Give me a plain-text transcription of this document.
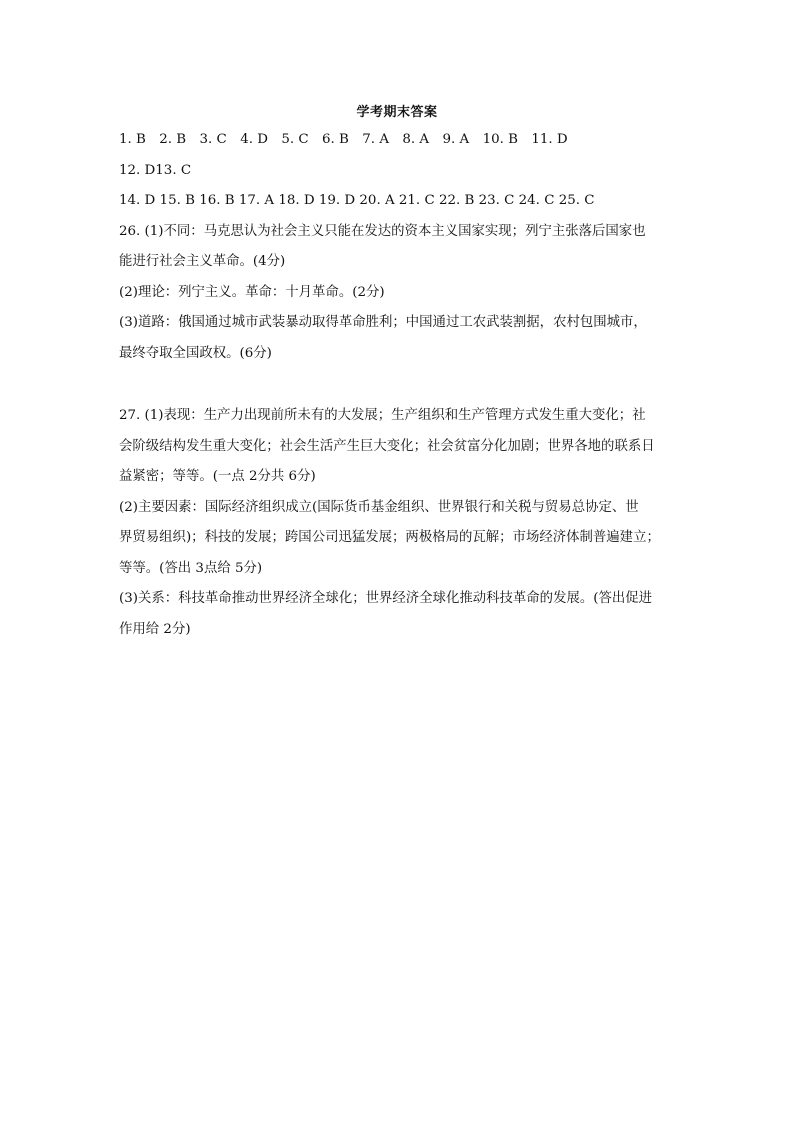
学考期末答案
1. B　2. B　3. C　4. D　5. C　6. B　7. A　8. A　9. A　10. B　11. D
12. D13. C
14. D 15. B 16. B 17. A 18. D 19. D 20. A 21. C 22. B 23. C 24. C 25. C
26. (1)不同：马克思认为社会主义只能在发达的资本主义国家实现；列宁主张落后国家也
能进行社会主义革命。(4分)
(2)理论：列宁主义。革命：十月革命。(2分)
(3)道路：俄国通过城市武装暴动取得革命胜利；中国通过工农武装割据，农村包围城市，
最终夺取全国政权。(6分)
27. (1)表现：生产力出现前所未有的大发展；生产组织和生产管理方式发生重大变化；社
会阶级结构发生重大变化；社会生活产生巨大变化；社会贫富分化加剧；世界各地的联系日
益紧密；等等。(一点 2分共 6分)
(2)主要因素：国际经济组织成立(国际货币基金组织、世界银行和关税与贸易总协定、世
界贸易组织)；科技的发展；跨国公司迅猛发展；两极格局的瓦解；市场经济体制普遍建立；
等等。(答出 3点给 5分)
(3)关系：科技革命推动世界经济全球化；世界经济全球化推动科技革命的发展。(答出促进
作用给 2分)
